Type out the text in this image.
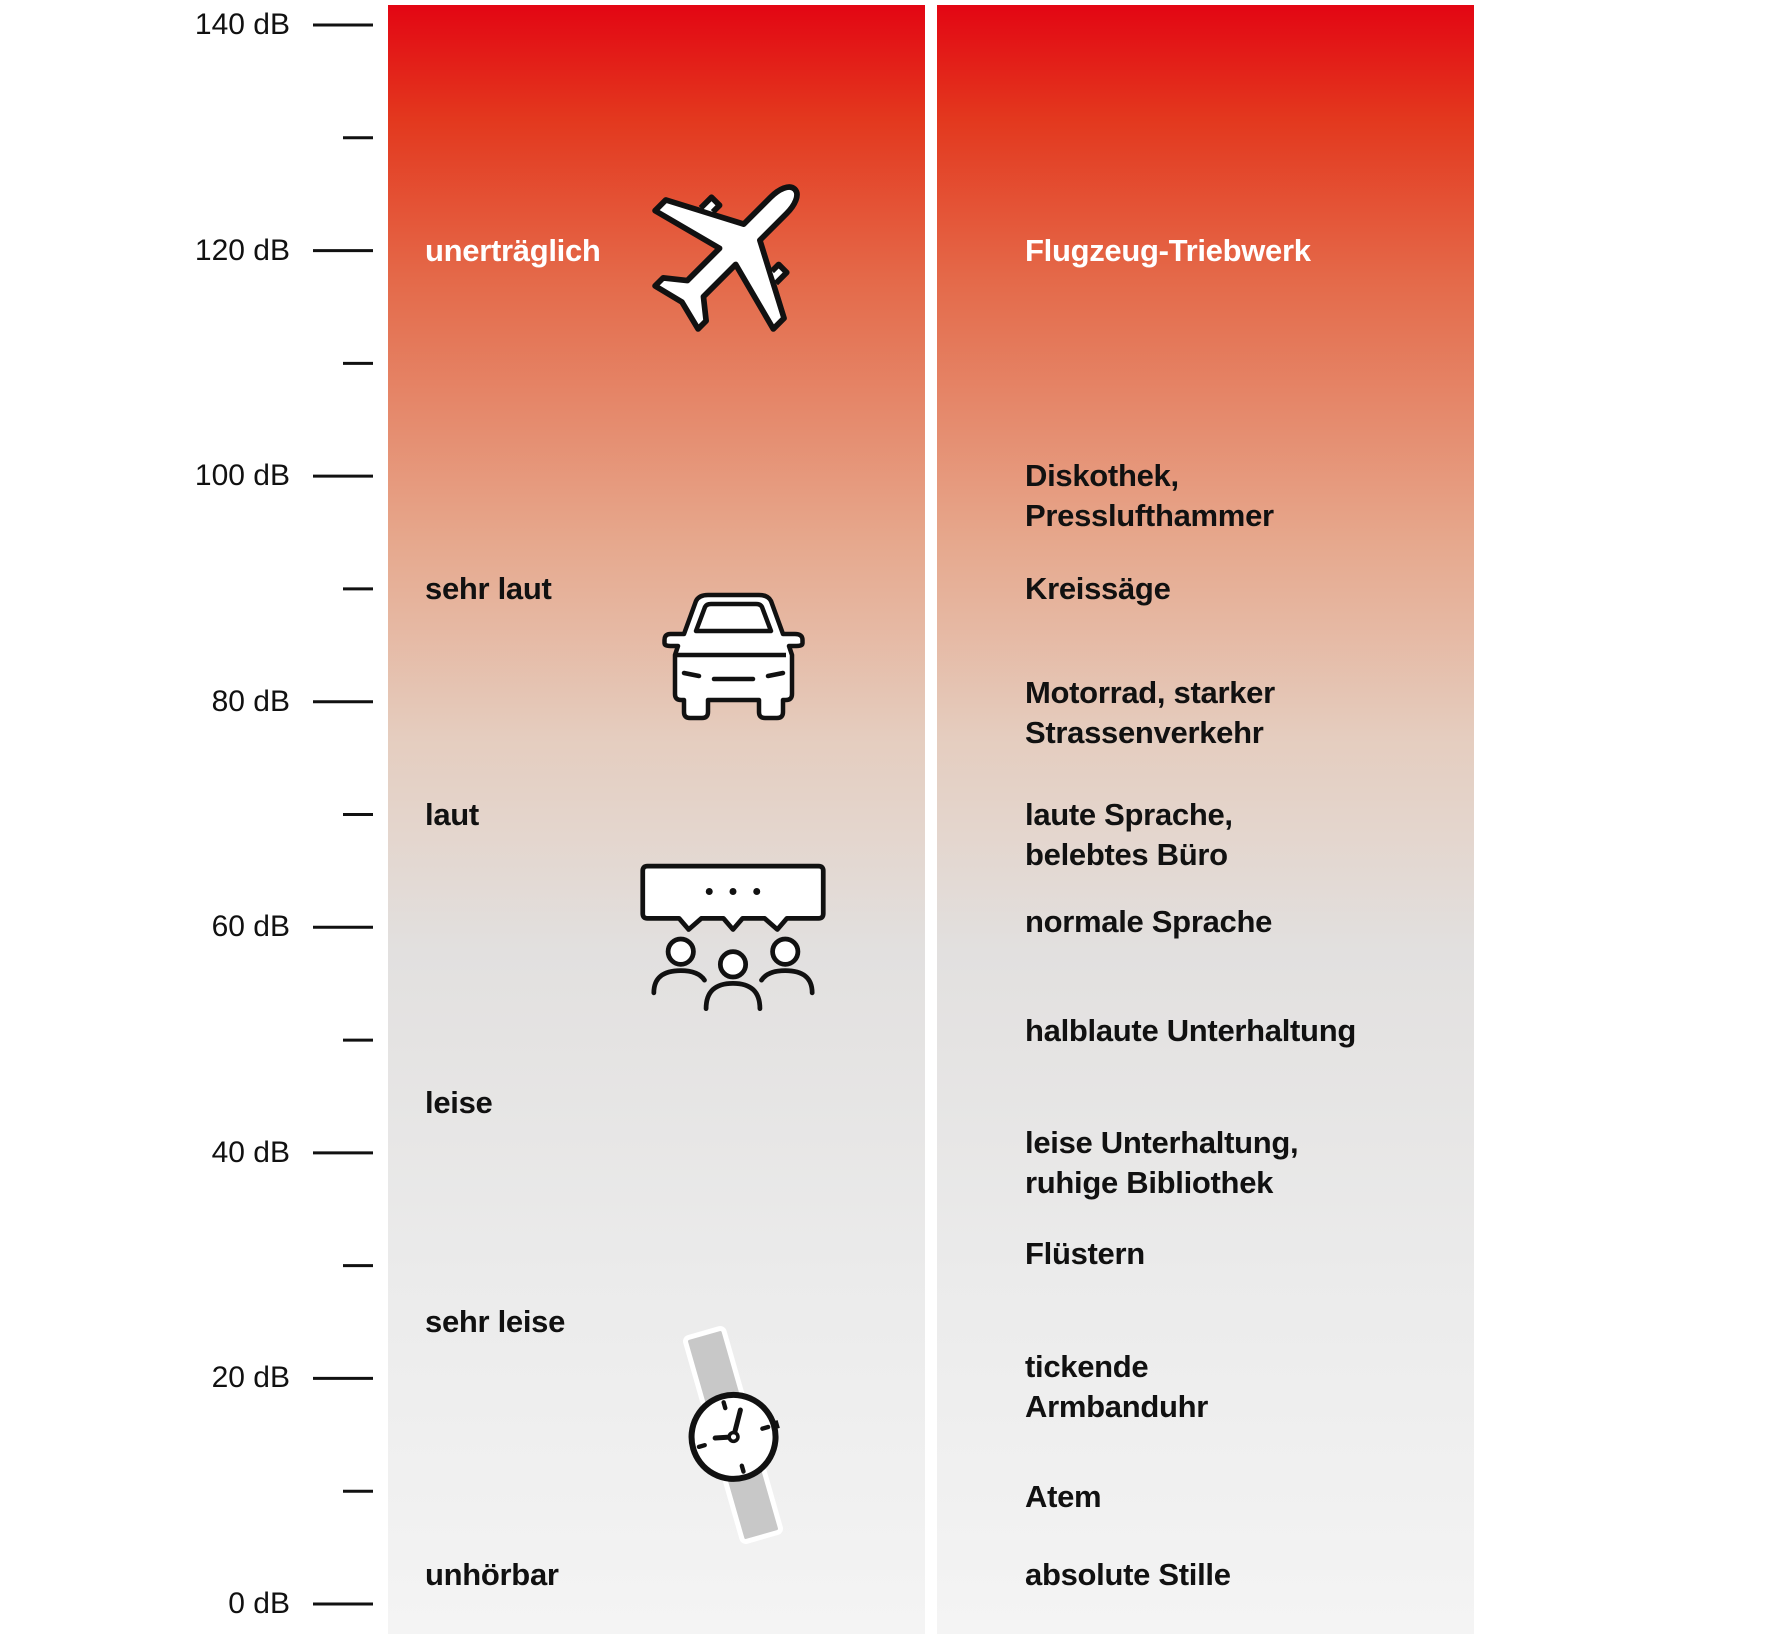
140 dB
120 dB
100 dB
80 dB
60 dB
40 dB
20 dB
0 dB
unerträglich
sehr laut
laut
leise
sehr leise
unhörbar
Flugzeug-Triebwerk
Diskothek,
Presslufthammer
Kreissäge
Motorrad, starker
Strassenverkehr
laute Sprache,
belebtes Büro
normale Sprache
halblaute Unterhaltung
leise Unterhaltung,
ruhige Bibliothek
Flüstern
tickende
Armbanduhr
Atem
absolute Stille
